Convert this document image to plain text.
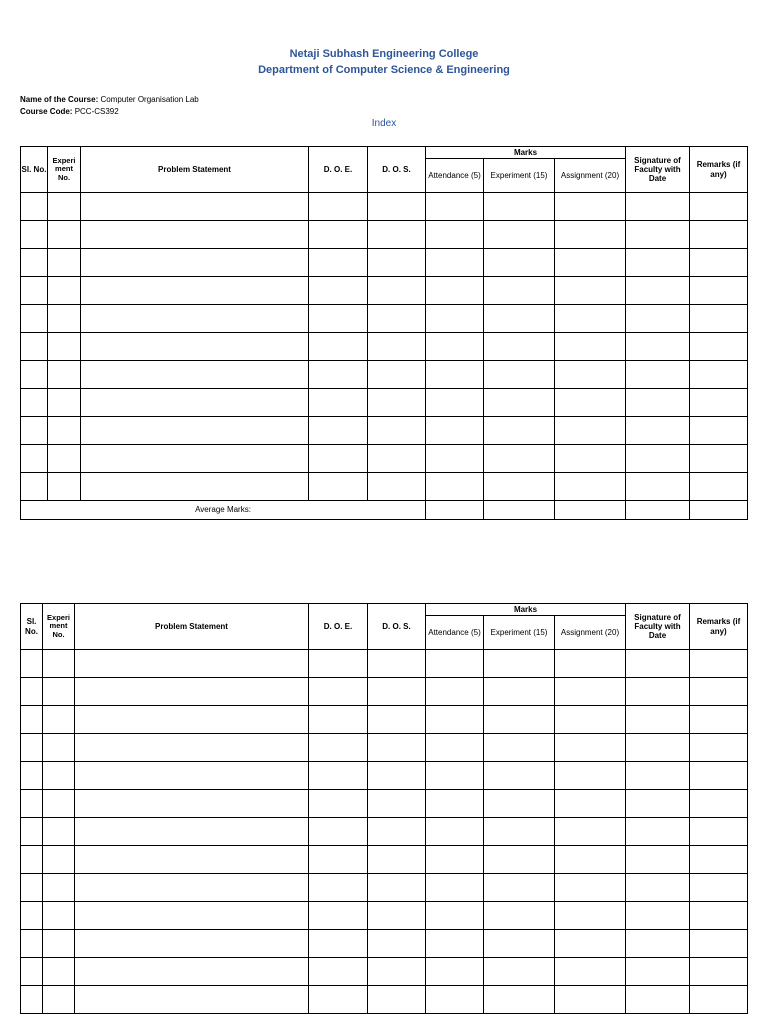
Netaji Subhash Engineering College
Department of Computer Science & Engineering
Name of the Course: Computer Organisation Lab
Course Code: PCC-CS392
Index
Sl. No.	Experi ment No.	Problem Statement	D. O. E.	D. O. S.	Marks			Signature of Faculty with Date	Remarks (if any)
					Attendance (5)	Experiment (15)	Assignment (20)		

Average Marks:									
Sl. No.	Experi ment No.	Problem Statement	D. O. E.	D. O. S.	Marks			Signature of Faculty with Date	Remarks (if any)
					Attendance (5)	Experiment (15)	Assignment (20)		
